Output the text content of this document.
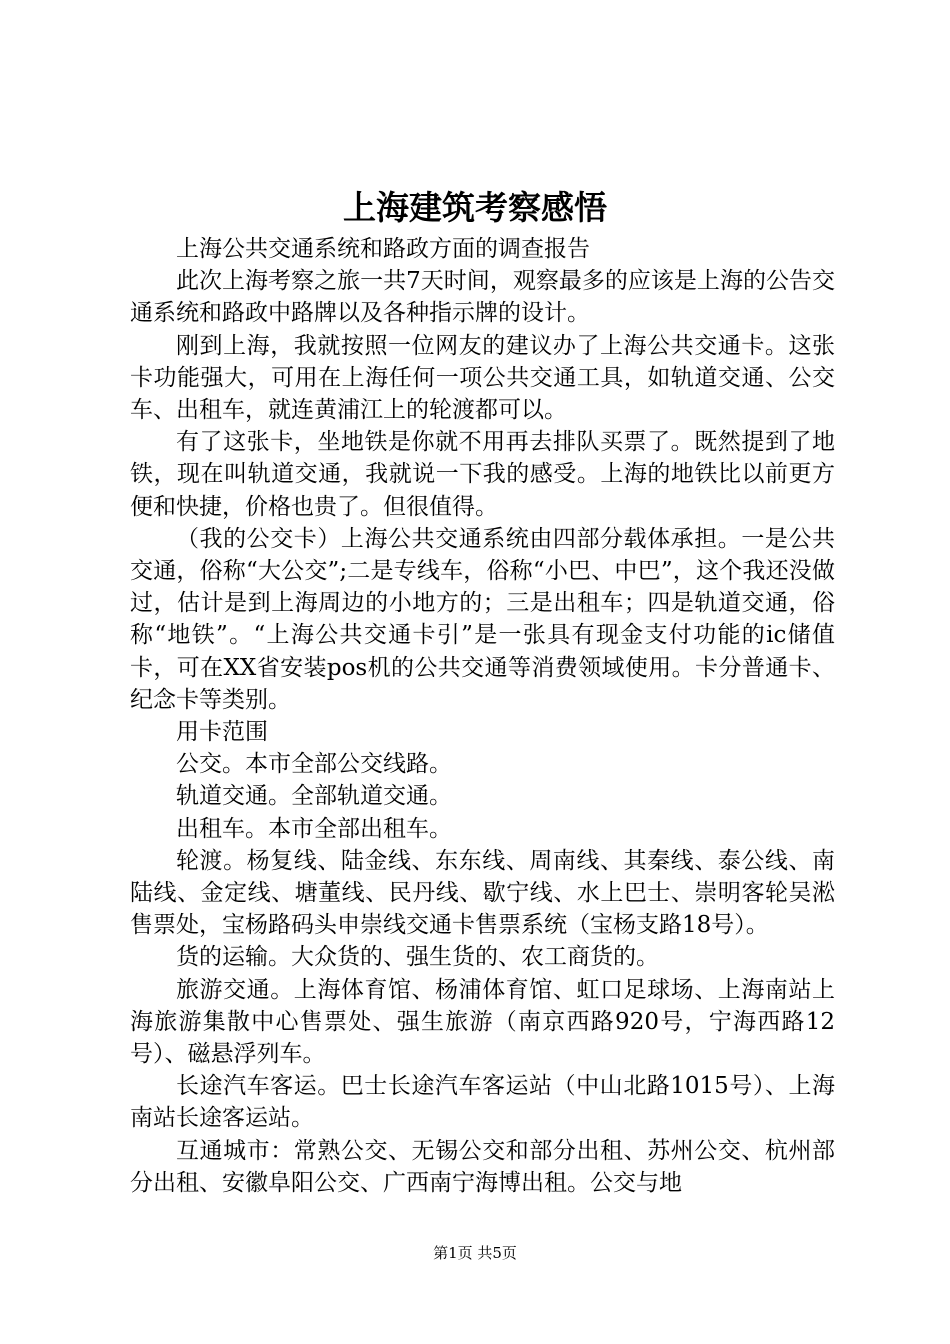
上海建筑考察感悟

上海公共交通系统和路政方面的调查报告

此次上海考察之旅一共7天时间，观察最多的应该是上海的公告交通系统和路政中路牌以及各种指示牌的设计。

刚到上海，我就按照一位网友的建议办了上海公共交通卡。这张卡功能强大，可用在上海任何一项公共交通工具，如轨道交通、公交车、出租车，就连黄浦江上的轮渡都可以。

有了这张卡，坐地铁是你就不用再去排队买票了。既然提到了地铁，现在叫轨道交通，我就说一下我的感受。上海的地铁比以前更方便和快捷，价格也贵了。但很值得。

（我的公交卡）上海公共交通系统由四部分载体承担。一是公共交通，俗称“大公交”;二是专线车，俗称“小巴、中巴”，这个我还没做过，估计是到上海周边的小地方的；三是出租车；四是轨道交通，俗称“地铁”。“上海公共交通卡引”是一张具有现金支付功能的ic储值卡，可在XX省安装pos机的公共交通等消费领域使用。卡分普通卡、纪念卡等类别。

用卡范围

公交。本市全部公交线路。

轨道交通。全部轨道交通。

出租车。本市全部出租车。

轮渡。杨复线、陆金线、东东线、周南线、其秦线、泰公线、南陆线、金定线、塘董线、民丹线、歇宁线、水上巴士、崇明客轮吴淞售票处，宝杨路码头申崇线交通卡售票系统（宝杨支路18号）。

货的运输。大众货的、强生货的、农工商货的。

旅游交通。上海体育馆、杨浦体育馆、虹口足球场、上海南站上海旅游集散中心售票处、强生旅游（南京西路920号，宁海西路12号）、磁悬浮列车。

长途汽车客运。巴士长途汽车客运站（中山北路1015号）、上海南站长途客运站。

互通城市：常熟公交、无锡公交和部分出租、苏州公交、杭州部分出租、安徽阜阳公交、广西南宁海博出租。公交与地

第1页 共5页
